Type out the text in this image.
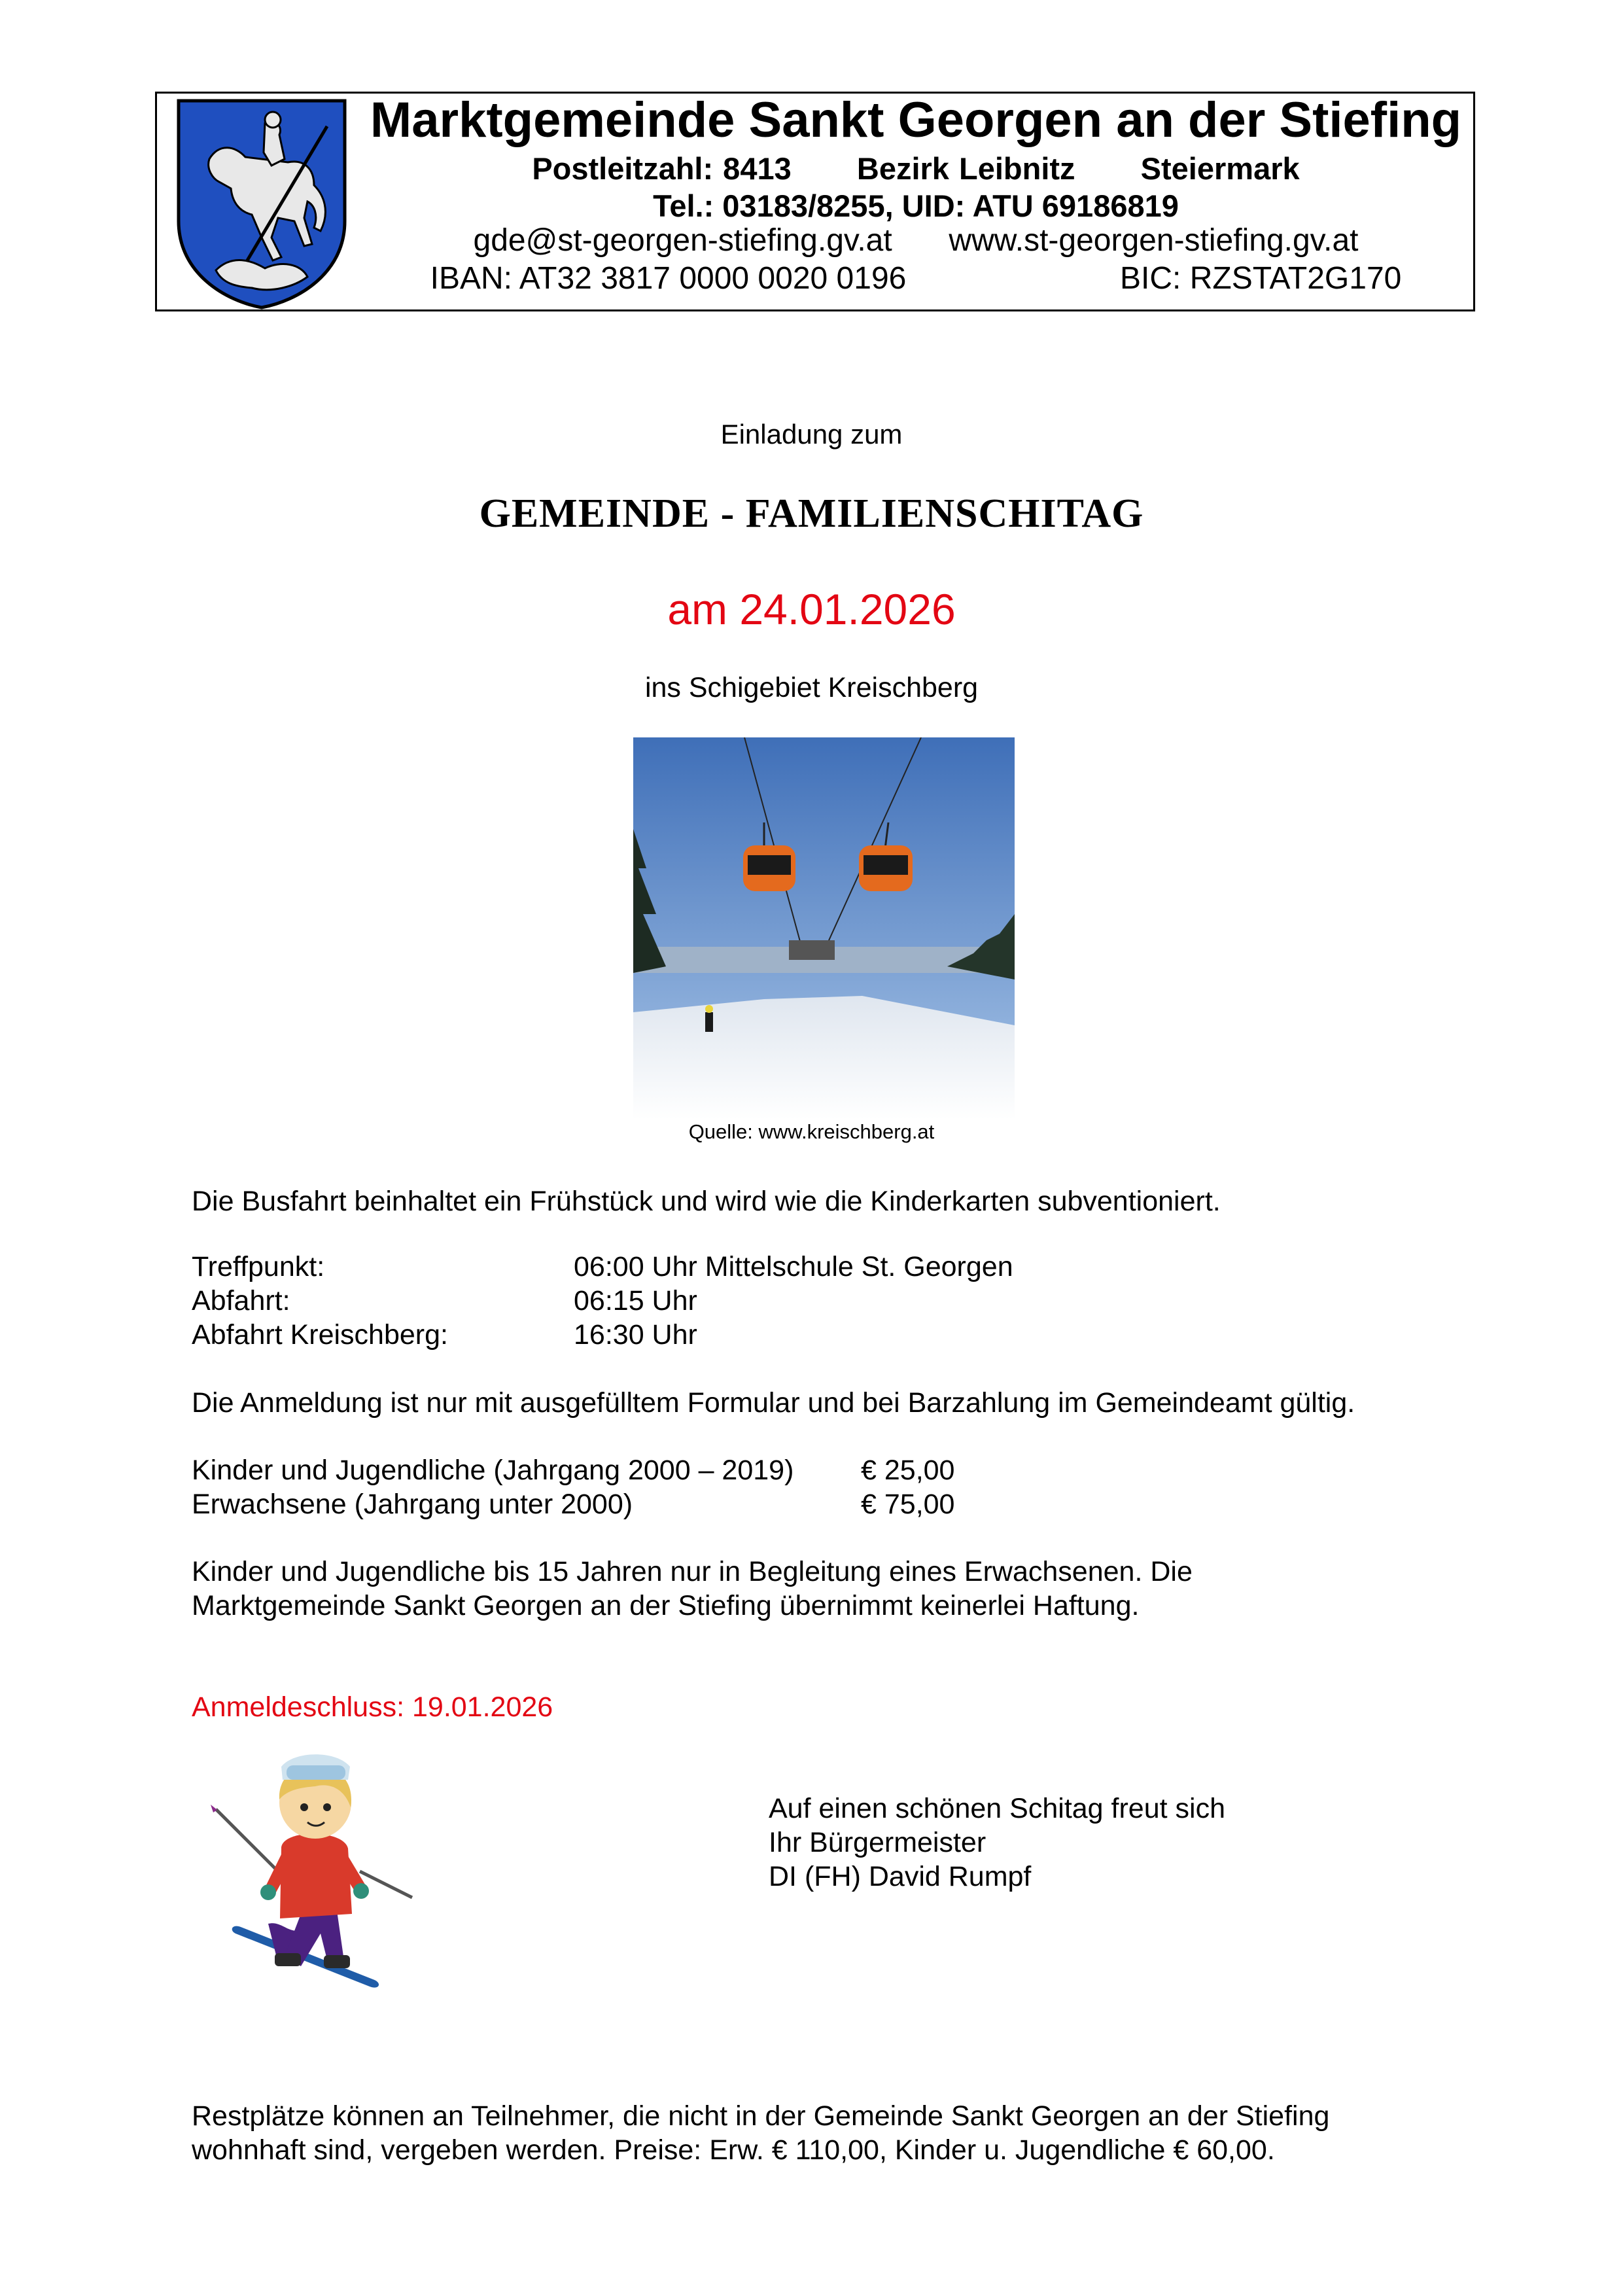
Marktgemeinde Sankt Georgen an der Stiefing
Postleitzahl: 8413 Bezirk Leibnitz Steiermark
Tel.: 03183/8255, UID: ATU 69186819
gde@st-georgen-stiefing.gv.at www.st-georgen-stiefing.gv.at
IBAN: AT32 3817 0000 0020 0196	BIC: RZSTAT2G170
Einladung zum
GEMEINDE - FAMILIENSCHITAG
am 24.01.2026
ins Schigebiet Kreischberg
Quelle: www.kreischberg.at
Die Busfahrt beinhaltet ein Frühstück und wird wie die Kinderkarten subventioniert.
Treffpunkt:	06:00 Uhr Mittelschule St. Georgen
Abfahrt:	06:15 Uhr
Abfahrt Kreischberg:	16:30 Uhr
Die Anmeldung ist nur mit ausgefülltem Formular und bei Barzahlung im Gemeindeamt gültig.
Kinder und Jugendliche (Jahrgang 2000 – 2019) € 25,00
Erwachsene (Jahrgang unter 2000)	€ 75,00
Kinder und Jugendliche bis 15 Jahren nur in Begleitung eines Erwachsenen. Die
Marktgemeinde Sankt Georgen an der Stiefing übernimmt keinerlei Haftung.
Anmeldeschluss: 19.01.2026
Auf einen schönen Schitag freut sich
Ihr Bürgermeister
DI (FH) David Rumpf
Restplätze können an Teilnehmer, die nicht in der Gemeinde Sankt Georgen an der Stiefing
wohnhaft sind, vergeben werden. Preise: Erw. € 110,00, Kinder u. Jugendliche € 60,00.
